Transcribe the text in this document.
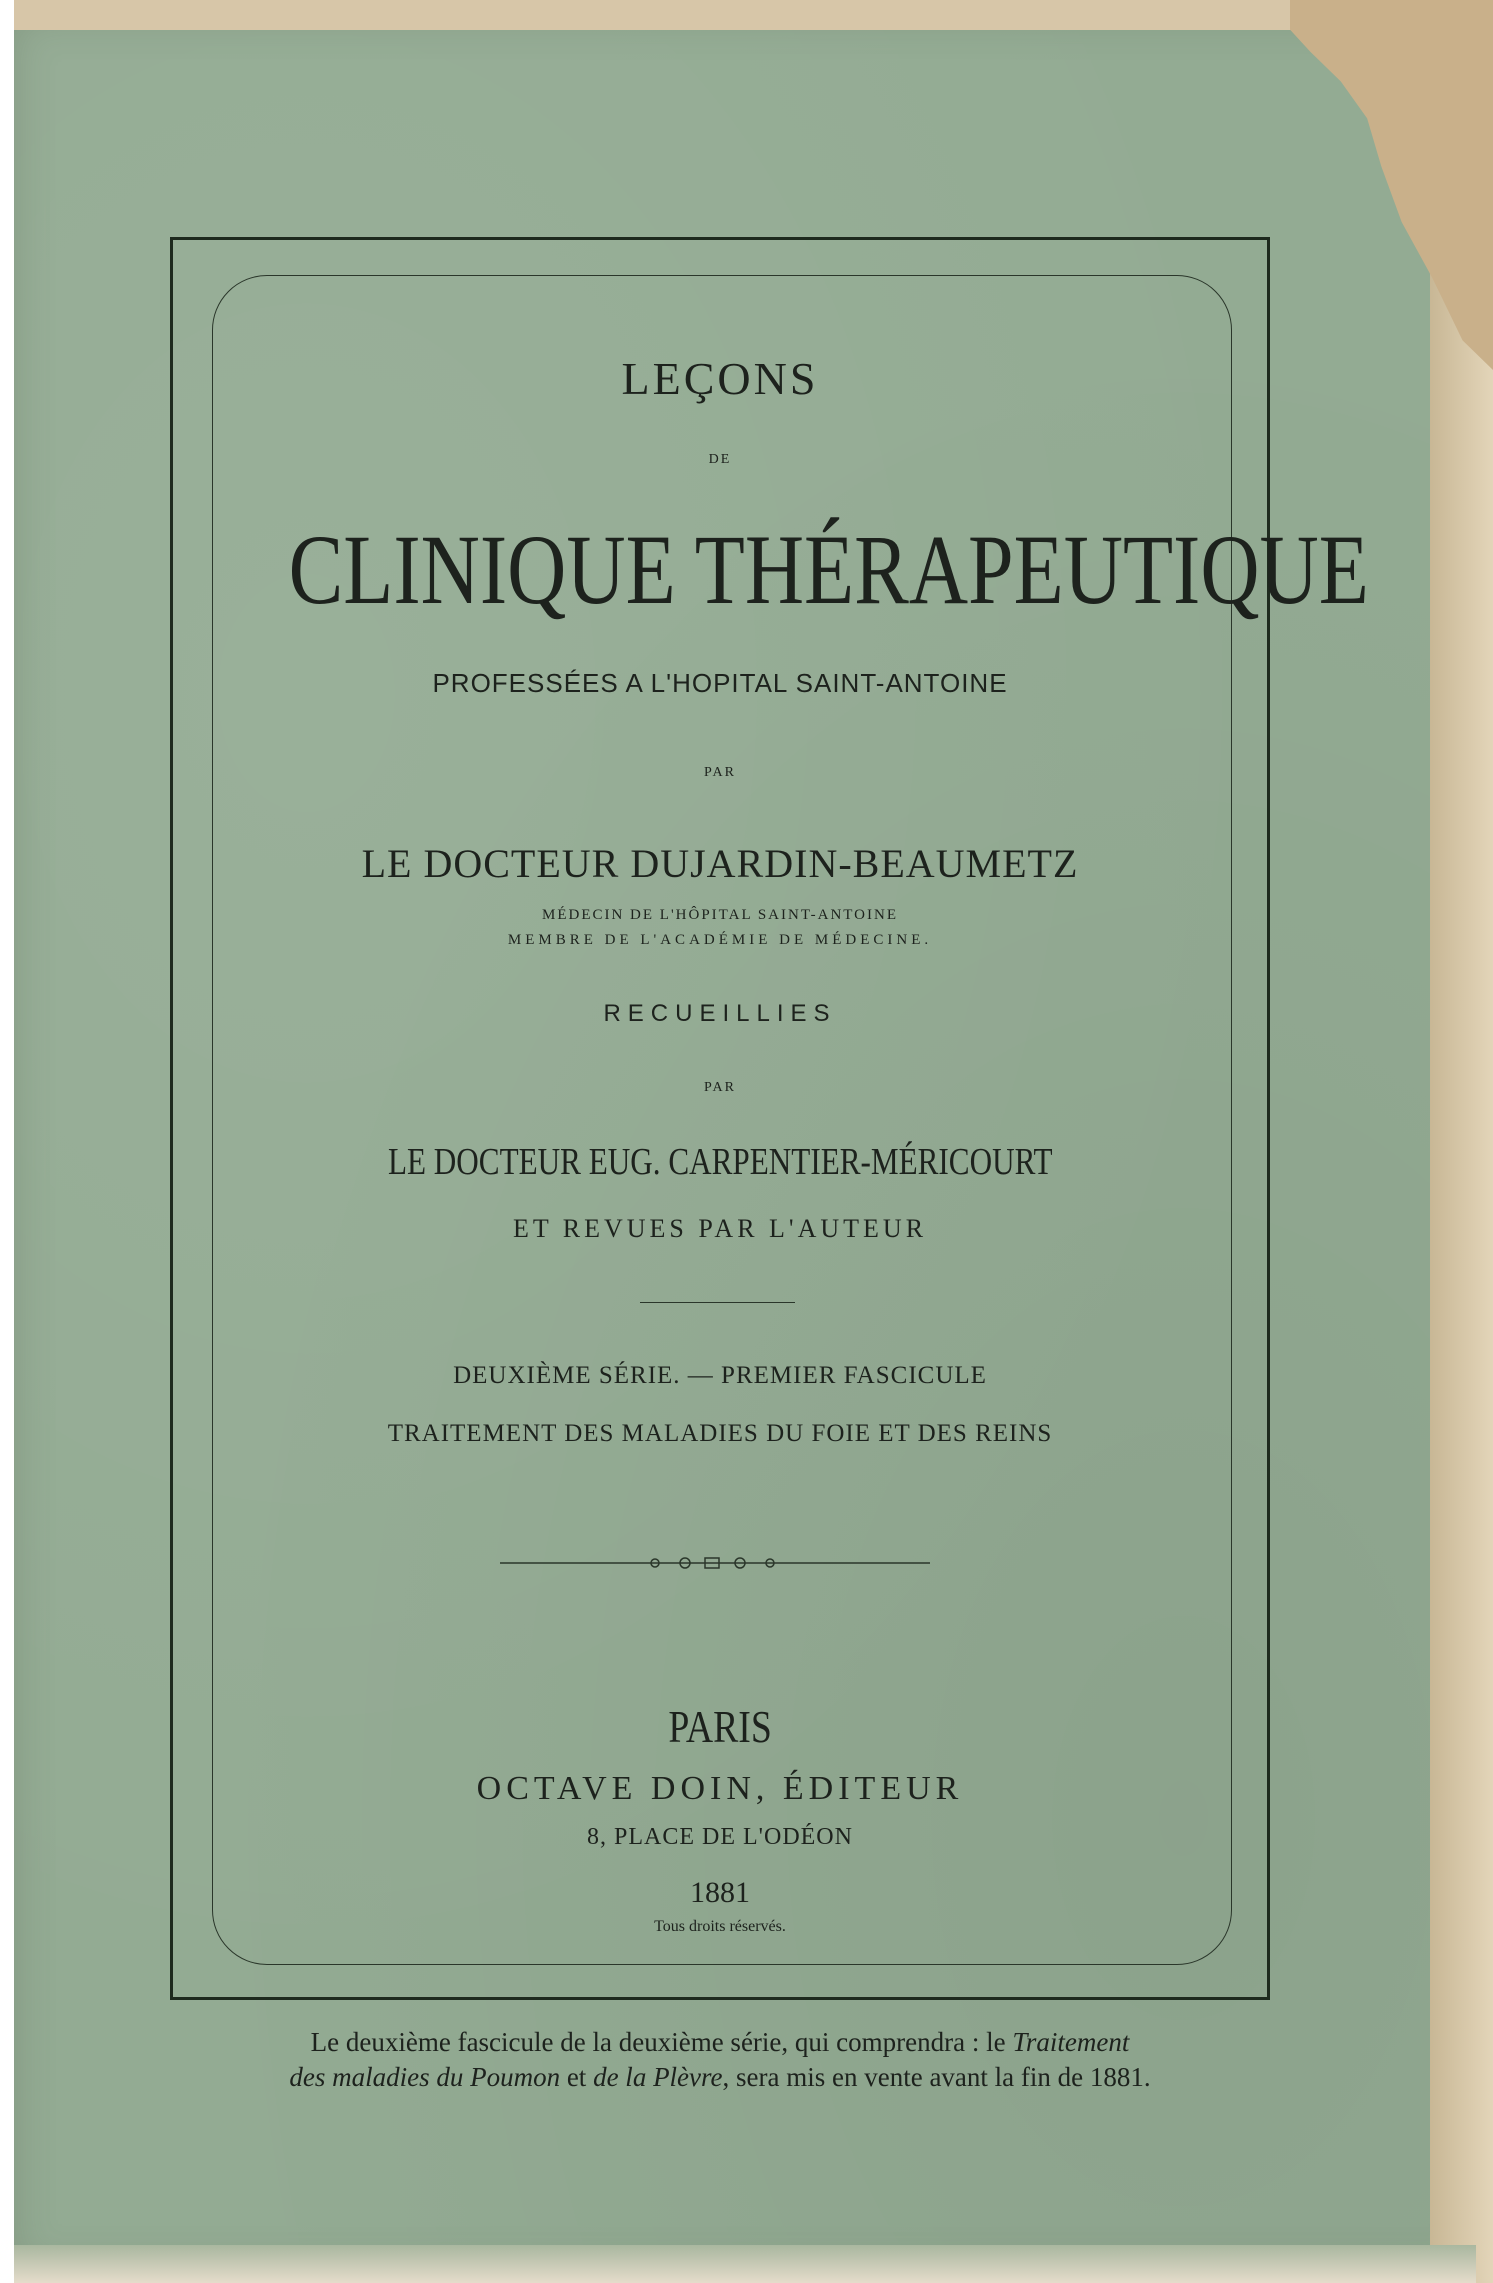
LEÇONS
DE
CLINIQUE THÉRAPEUTIQUE
PROFESSÉES A L'HOPITAL SAINT-ANTOINE
PAR
LE DOCTEUR DUJARDIN-BEAUMETZ
MÉDECIN DE L'HÔPITAL SAINT-ANTOINE
MEMBRE DE L'ACADÉMIE DE MÉDECINE.
RECUEILLIES
PAR
LE DOCTEUR EUG. CARPENTIER-MÉRICOURT
ET REVUES PAR L'AUTEUR
DEUXIÈME SÉRIE. — PREMIER FASCICULE
TRAITEMENT DES MALADIES DU FOIE ET DES REINS
PARIS
OCTAVE DOIN, ÉDITEUR
8, PLACE DE L'ODÉON
1881
Tous droits réservés.
Le deuxième fascicule de la deuxième série, qui comprendra : le Traitement
des maladies du Poumon et de la Plèvre, sera mis en vente avant la fin de 1881.
